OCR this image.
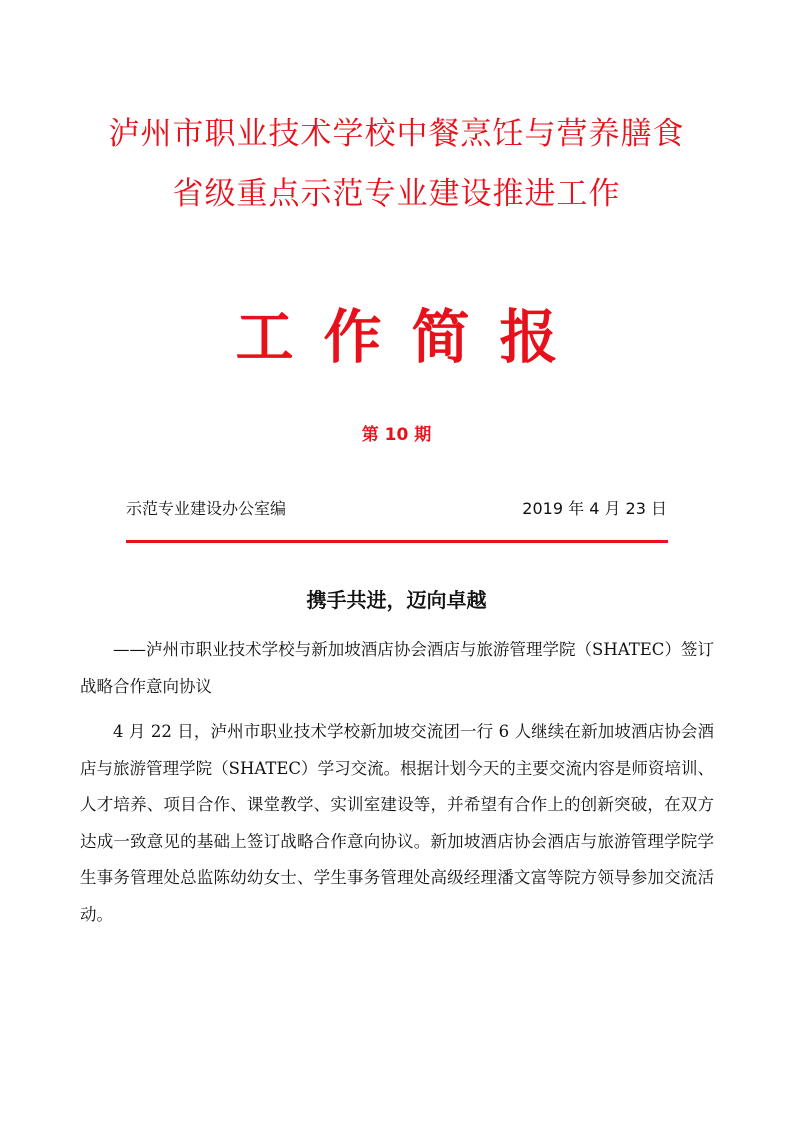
泸州市职业技术学校中餐烹饪与营养膳食
省级重点示范专业建设推进工作
工作简报
第 10 期
示范专业建设办公室编	2019 年 4 月 23 日
携手共进，迈向卓越

——泸州市职业技术学校与新加坡酒店协会酒店与旅游管理学院（SHATEC）签订战略合作意向协议

4 月 22 日，泸州市职业技术学校新加坡交流团一行 6 人继续在新加坡酒店协会酒店与旅游管理学院（SHATEC）学习交流。根据计划今天的主要交流内容是师资培训、人才培养、项目合作、课堂教学、实训室建设等，并希望有合作上的创新突破，在双方达成一致意见的基础上签订战略合作意向协议。新加坡酒店协会酒店与旅游管理学院学生事务管理处总监陈幼幼女士、学生事务管理处高级经理潘文富等院方领导参加交流活动。
